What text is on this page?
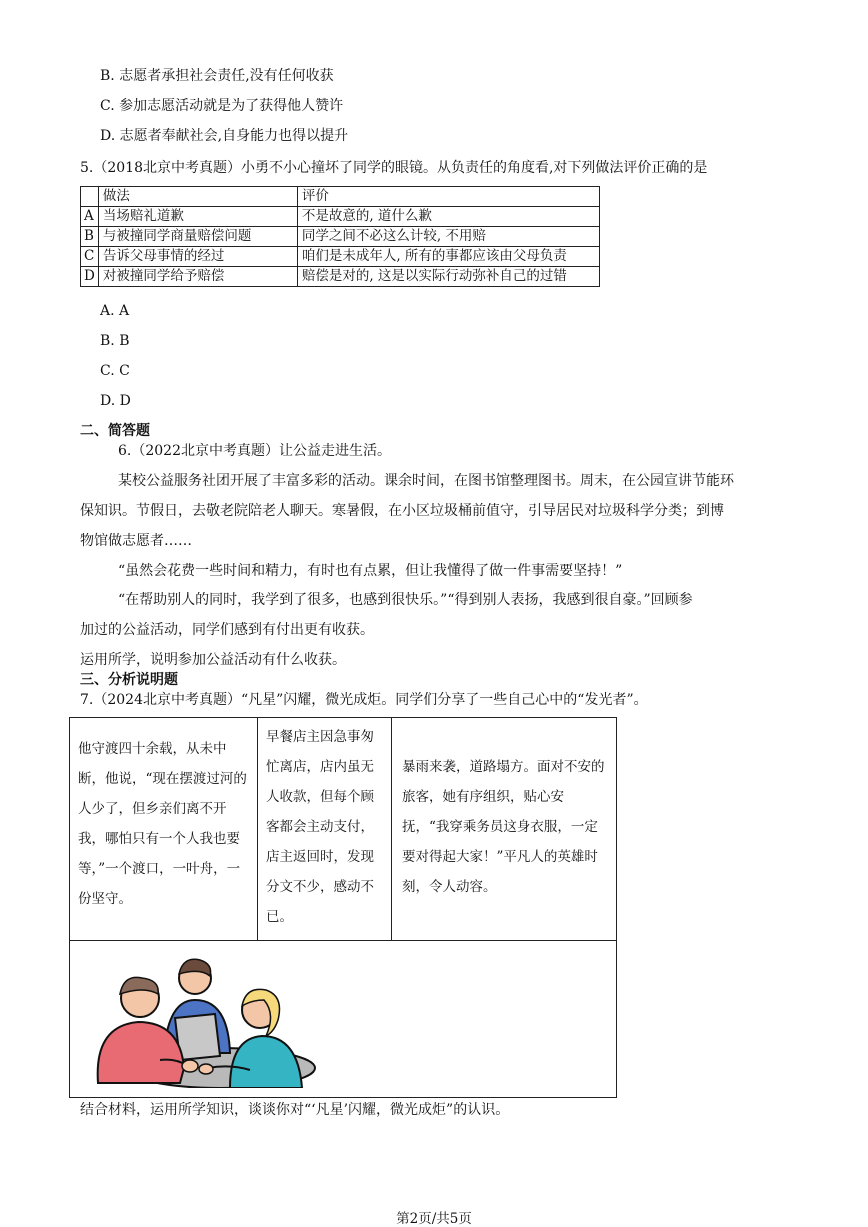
B. 志愿者承担社会责任,没有任何收获
C. 参加志愿活动就是为了获得他人赞许
D. 志愿者奉献社会,自身能力也得以提升
5.（2018北京中考真题）小勇不小心撞坏了同学的眼镜。从负责任的角度看,对下列做法评价正确的是
	做法	评价
A	当场赔礼道歉	不是故意的, 道什么歉
B	与被撞同学商量赔偿问题	同学之间不必这么计较, 不用赔
C	告诉父母事情的经过	咱们是未成年人, 所有的事都应该由父母负责
D	对被撞同学给予赔偿	赔偿是对的, 这是以实际行动弥补自己的过错
A. A
B. B
C. C
D. D
二、简答题
6.（2022北京中考真题）让公益走进生活。
某校公益服务社团开展了丰富多彩的活动。课余时间，在图书馆整理图书。周末，在公园宣讲节能环
保知识。节假日，去敬老院陪老人聊天。寒暑假，在小区垃圾桶前值守，引导居民对垃圾科学分类；到博
物馆做志愿者……
“虽然会花费一些时间和精力，有时也有点累，但让我懂得了做一件事需要坚持！”
“在帮助别人的同时，我学到了很多，也感到很快乐。”“得到别人表扬，我感到很自豪。”回顾参
加过的公益活动，同学们感到有付出更有收获。
运用所学，说明参加公益活动有什么收获。
三、分析说明题
7.（2024北京中考真题）“凡星”闪耀，微光成炬。同学们分享了一些自己心中的“发光者”。

他守渡四十余载，从未中断，他说，“现在摆渡过河的人少了，但乡亲们离不开我，哪怕只有一个人我也要等，”一个渡口，一叶舟，一份坚守。

早餐店主因急事匆忙离店，店内虽无人收款，但每个顾客都会主动支付，店主返回时，发现分文不少，感动不已。

暴雨来袭，道路塌方。面对不安的旅客，她有序组织，贴心安抚，“我穿乘务员这身衣服，一定要对得起大家！”平凡人的英雄时刻，令人动容。

结合材料，运用所学知识，谈谈你对“‘凡星’闪耀，微光成炬”的认识。
第2页/共5页
